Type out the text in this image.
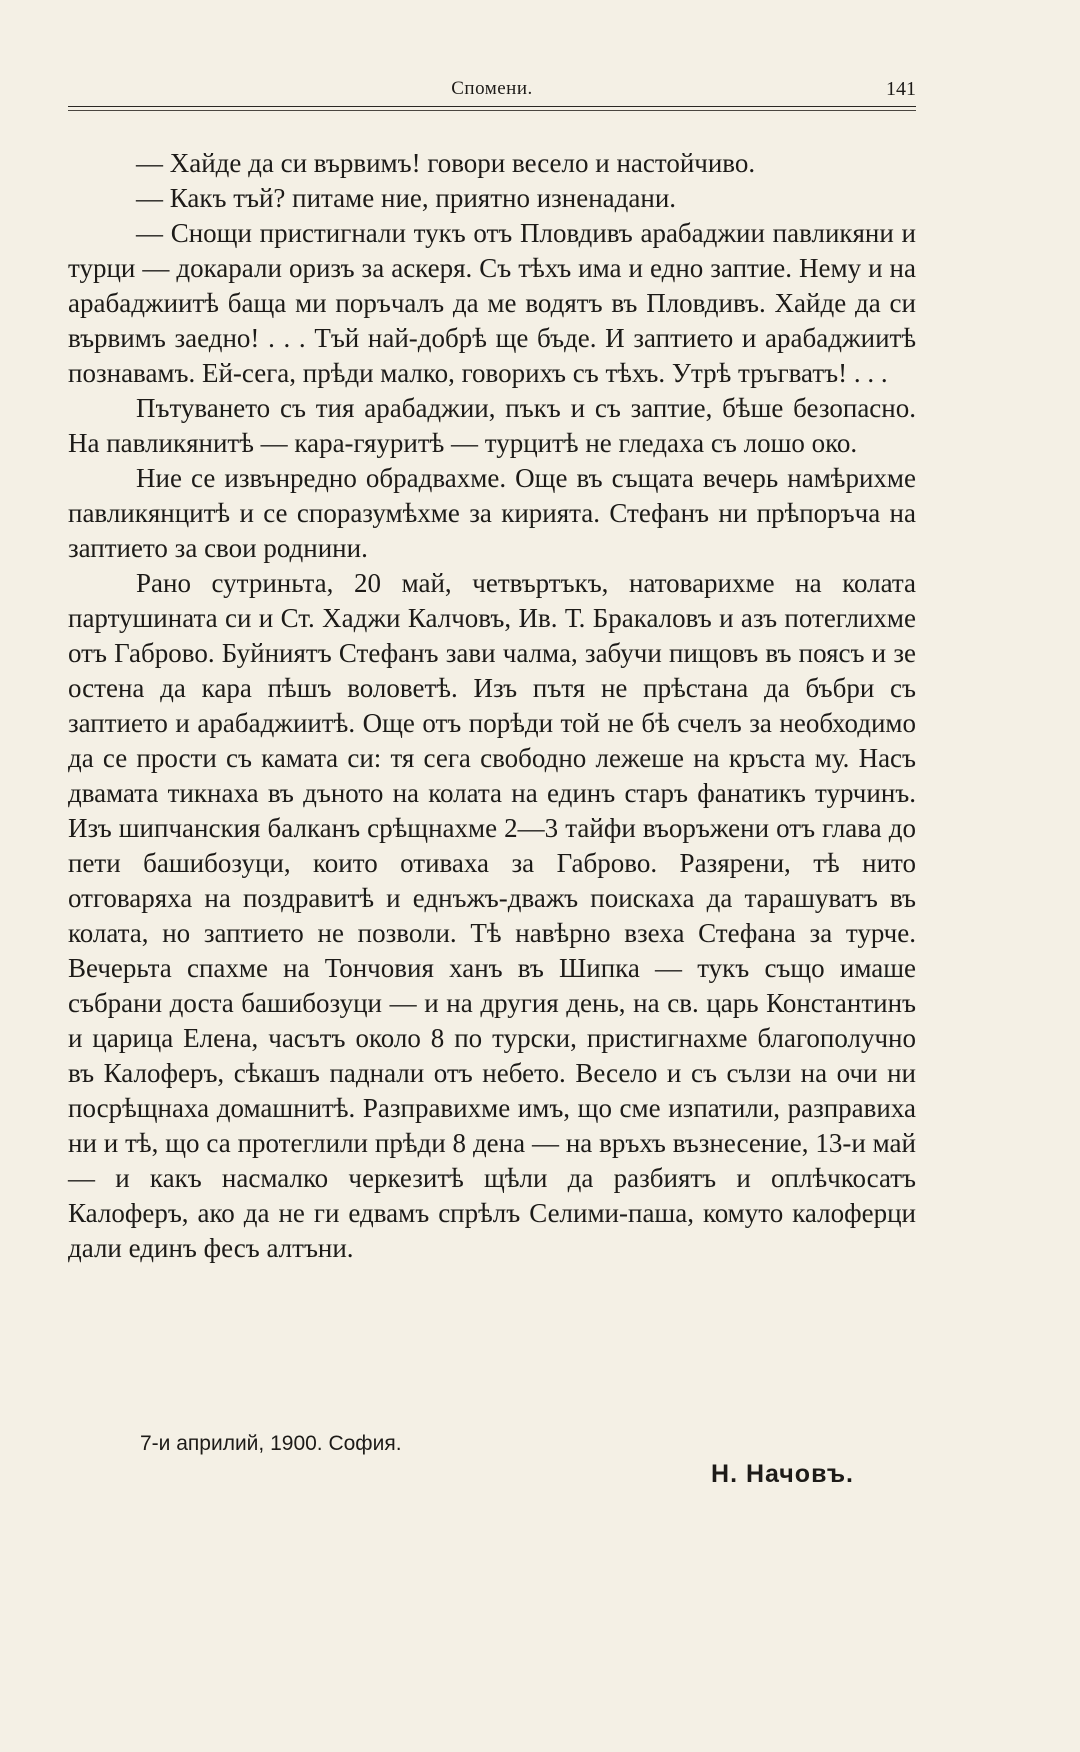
Спомени.	141

— Хайде да си вървимъ! говори весело и настойчиво.

— Какъ тъй? питаме ние, приятно изненадани.

— Снощи пристигнали тукъ отъ Пловдивъ арабаджии павликяни и турци — докарали оризъ за аскеря. Съ тѣхъ има и едно заптие. Нему и на арабаджиитѣ баща ми поръчалъ да ме водятъ въ Пловдивъ. Хайде да си вървимъ заедно! . . . Тъй най-добрѣ ще бъде. И заптието и арабаджиитѣ познавамъ. Ей-сега, прѣди малко, говорихъ съ тѣхъ. Утрѣ тръгватъ! . . .

Пътуването съ тия арабаджии, пъкъ и съ заптие, бѣше безопасно. На павликянитѣ — кара-гяуритѣ — турцитѣ не гледаха съ лошо око.

Ние се извънредно обрадвахме. Още въ същата вечерь намѣрихме павликянцитѣ и се споразумѣхме за кирията. Стефанъ ни прѣпоръча на заптието за свои роднини.

Рано сутриньта, 20 май, четвъртъкъ, натоварихме на колата партушината си и Ст. Хаджи Калчовъ, Ив. Т. Бракаловъ и азъ потеглихме отъ Габрово. Буйниятъ Стефанъ зави чалма, забучи пищовъ въ поясъ и зе остена да кара пѣшъ воловетѣ. Изъ пътя не прѣстана да бъбри съ заптието и арабаджиитѣ. Още отъ порѣди той не бѣ счелъ за необходимо да се прости съ камата си: тя сега свободно лежеше на кръста му. Насъ двамата тикнаха въ дъното на колата на единъ старъ фанатикъ турчинъ. Изъ шипчанския балканъ срѣщнахме 2—3 тайфи въоръжени отъ глава до пети башибозуци, които отиваха за Габрово. Разярени, тѣ нито отговаряха на поздравитѣ и еднъжъ-дважъ поискаха да тарашуватъ въ колата, но заптието не позволи. Тѣ навѣрно взеха Стефана за турче. Вечерьта спахме на Тончовия ханъ въ Шипка — тукъ също имаше събрани доста башибозуци — и на другия день, на св. царь Константинъ и царица Елена, часътъ около 8 по турски, пристигнахме благополучно въ Калоферъ, сѣкашъ паднали отъ небето. Весело и съ сълзи на очи ни посрѣщнаха домашнитѣ. Разправихме имъ, що сме изпатили, разправиха ни и тѣ, що са протеглили прѣди 8 дена — на връхъ възнесение, 13-и май — и какъ насмалко черкезитѣ щѣли да разбиятъ и оплѣчкосатъ Калоферъ, ако да не ги едвамъ спрѣлъ Селими-паша, комуто калоферци дали единъ фесъ алтъни.

7-и априлий, 1900. София.
Н. Начовъ.
